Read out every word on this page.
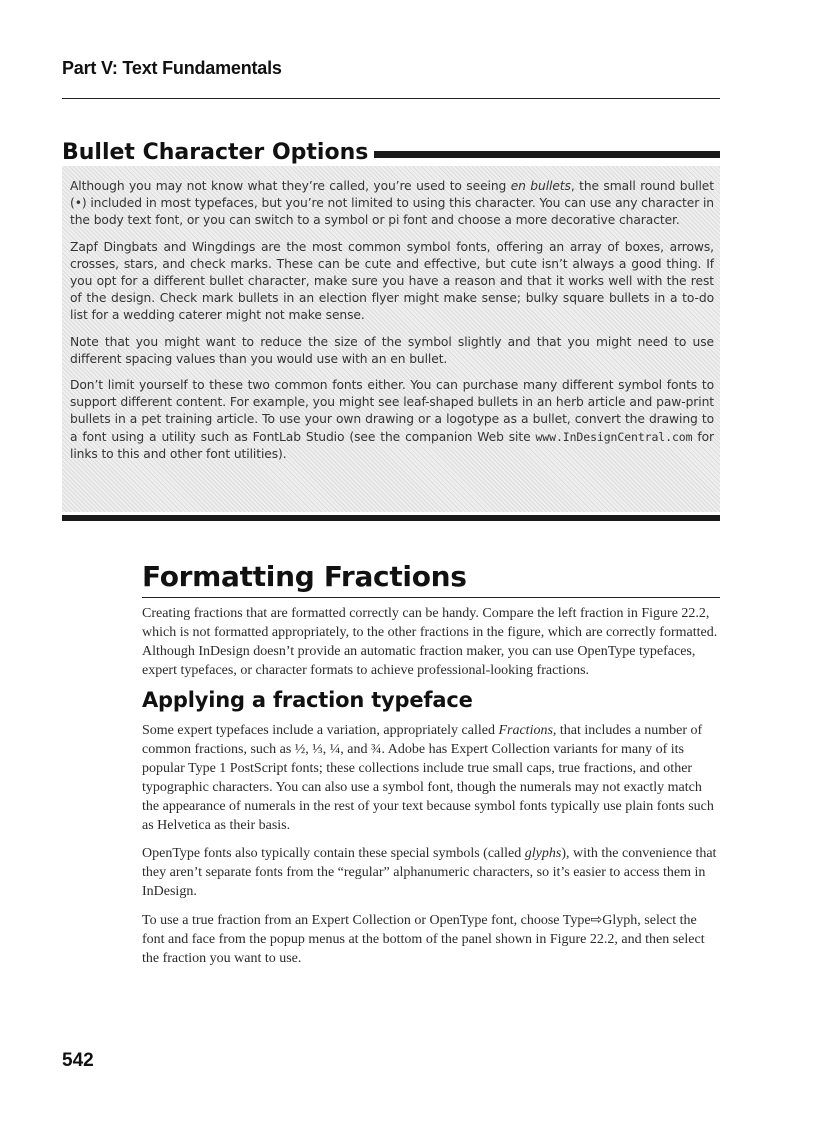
Part V: Text Fundamentals
Bullet Character Options

Although you may not know what they’re called, you’re used to seeing en bullets, the small round bullet (•) included in most typefaces, but you’re not limited to using this character. You can use any character in the body text font, or you can switch to a symbol or pi font and choose a more decorative character.

Zapf Dingbats and Wingdings are the most common symbol fonts, offering an array of boxes, arrows, crosses, stars, and check marks. These can be cute and effective, but cute isn’t always a good thing. If you opt for a different bullet character, make sure you have a reason and that it works well with the rest of the design. Check mark bullets in an election flyer might make sense; bulky square bullets in a to-do list for a wedding caterer might not make sense.

Note that you might want to reduce the size of the symbol slightly and that you might need to use different spacing values than you would use with an en bullet.

Don’t limit yourself to these two common fonts either. You can purchase many different symbol fonts to support different content. For example, you might see leaf-shaped bullets in an herb article and paw-print bullets in a pet training article. To use your own drawing or a logotype as a bullet, convert the drawing to a font using a utility such as FontLab Studio (see the companion Web site www.InDesignCentral.com for links to this and other font utilities).

Formatting Fractions

Creating fractions that are formatted correctly can be handy. Compare the left fraction in Figure 22.2, which is not formatted appropriately, to the other fractions in the figure, which are correctly formatted. Although InDesign doesn’t provide an automatic fraction maker, you can use OpenType typefaces, expert typefaces, or character formats to achieve professional-looking fractions.

Applying a fraction typeface

Some expert typefaces include a variation, appropriately called Fractions, that includes a number of common fractions, such as ½, ⅓, ¼, and ¾. Adobe has Expert Collection variants for many of its popular Type 1 PostScript fonts; these collections include true small caps, true fractions, and other typographic characters. You can also use a symbol font, though the numerals may not exactly match the appearance of numerals in the rest of your text because symbol fonts typically use plain fonts such as Helvetica as their basis.

OpenType fonts also typically contain these special symbols (called glyphs), with the convenience that they aren’t separate fonts from the “regular” alphanumeric characters, so it’s easier to access them in InDesign.

To use a true fraction from an Expert Collection or OpenType font, choose Type⇨Glyph, select the font and face from the popup menus at the bottom of the panel shown in Figure 22.2, and then select the fraction you want to use.

542
